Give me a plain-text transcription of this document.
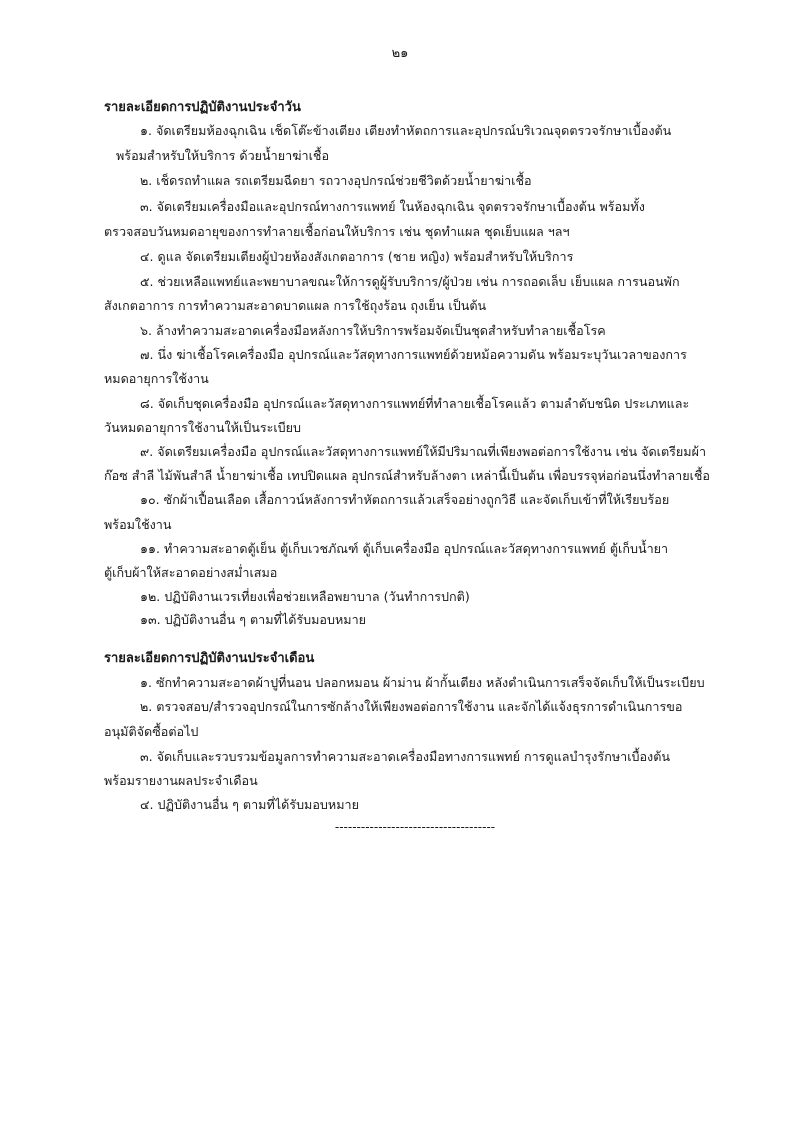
๒๑
รายละเอียดการปฏิบัติงานประจำวัน
๑. จัดเตรียมห้องฉุกเฉิน เช็ดโต๊ะข้างเตียง เตียงทำหัตถการและอุปกรณ์บริเวณจุดตรวจรักษาเบื้องต้น
พร้อมสำหรับให้บริการ ด้วยน้ำยาฆ่าเชื้อ
๒. เช็ดรถทำแผล รถเตรียมฉีดยา รถวางอุปกรณ์ช่วยชีวิตด้วยน้ำยาฆ่าเชื้อ
๓. จัดเตรียมเครื่องมือและอุปกรณ์ทางการแพทย์ ในห้องฉุกเฉิน จุดตรวจรักษาเบื้องต้น พร้อมทั้ง
ตรวจสอบวันหมดอายุของการทำลายเชื้อก่อนให้บริการ เช่น ชุดทำแผล ชุดเย็บแผล ฯลฯ
๔. ดูแล จัดเตรียมเตียงผู้ป่วยห้องสังเกตอาการ (ชาย หญิง) พร้อมสำหรับให้บริการ
๕. ช่วยเหลือแพทย์และพยาบาลขณะให้การดูผู้รับบริการ/ผู้ป่วย เช่น การถอดเล็บ เย็บแผล การนอนพัก
สังเกตอาการ การทำความสะอาดบาดแผล การใช้ถุงร้อน ถุงเย็น เป็นต้น
๖. ล้างทำความสะอาดเครื่องมือหลังการให้บริการพร้อมจัดเป็นชุดสำหรับทำลายเชื้อโรค
๗. นึ่ง ฆ่าเชื้อโรคเครื่องมือ อุปกรณ์และวัสดุทางการแพทย์ด้วยหม้อความดัน พร้อมระบุวันเวลาของการ
หมดอายุการใช้งาน
๘. จัดเก็บชุดเครื่องมือ อุปกรณ์และวัสดุทางการแพทย์ที่ทำลายเชื้อโรคแล้ว ตามลำดับชนิด ประเภทและ
วันหมดอายุการใช้งานให้เป็นระเบียบ
๙. จัดเตรียมเครื่องมือ อุปกรณ์และวัสดุทางการแพทย์ให้มีปริมาณที่เพียงพอต่อการใช้งาน เช่น จัดเตรียมผ้า
ก๊อซ สำลี ไม้พันสำลี น้ำยาฆ่าเชื้อ เทปปิดแผล อุปกรณ์สำหรับล้างตา เหล่านี้เป็นต้น เพื่อบรรจุห่อก่อนนึ่งทำลายเชื้อ
๑๐. ซักผ้าเปื้อนเลือด เสื้อกาวน์หลังการทำหัตถการแล้วเสร็จอย่างถูกวิธี และจัดเก็บเข้าที่ให้เรียบร้อย
พร้อมใช้งาน
๑๑. ทำความสะอาดตู้เย็น ตู้เก็บเวชภัณฑ์ ตู้เก็บเครื่องมือ อุปกรณ์และวัสดุทางการแพทย์ ตู้เก็บน้ำยา
ตู้เก็บผ้าให้สะอาดอย่างสม่ำเสมอ
๑๒. ปฏิบัติงานเวรเที่ยงเพื่อช่วยเหลือพยาบาล (วันทำการปกติ)
๑๓. ปฏิบัติงานอื่น ๆ ตามที่ได้รับมอบหมาย
รายละเอียดการปฏิบัติงานประจำเดือน
๑. ซักทำความสะอาดผ้าปูที่นอน ปลอกหมอน ผ้าม่าน ผ้ากั้นเตียง หลังดำเนินการเสร็จจัดเก็บให้เป็นระเบียบ
๒. ตรวจสอบ/สำรวจอุปกรณ์ในการซักล้างให้เพียงพอต่อการใช้งาน และจักได้แจ้งธุรการดำเนินการขอ
อนุมัติจัดซื้อต่อไป
๓. จัดเก็บและรวบรวมข้อมูลการทำความสะอาดเครื่องมือทางการแพทย์ การดูแลบำรุงรักษาเบื้องต้น
พร้อมรายงานผลประจำเดือน
๔. ปฏิบัติงานอื่น ๆ ตามที่ได้รับมอบหมาย
-------------------------------------
